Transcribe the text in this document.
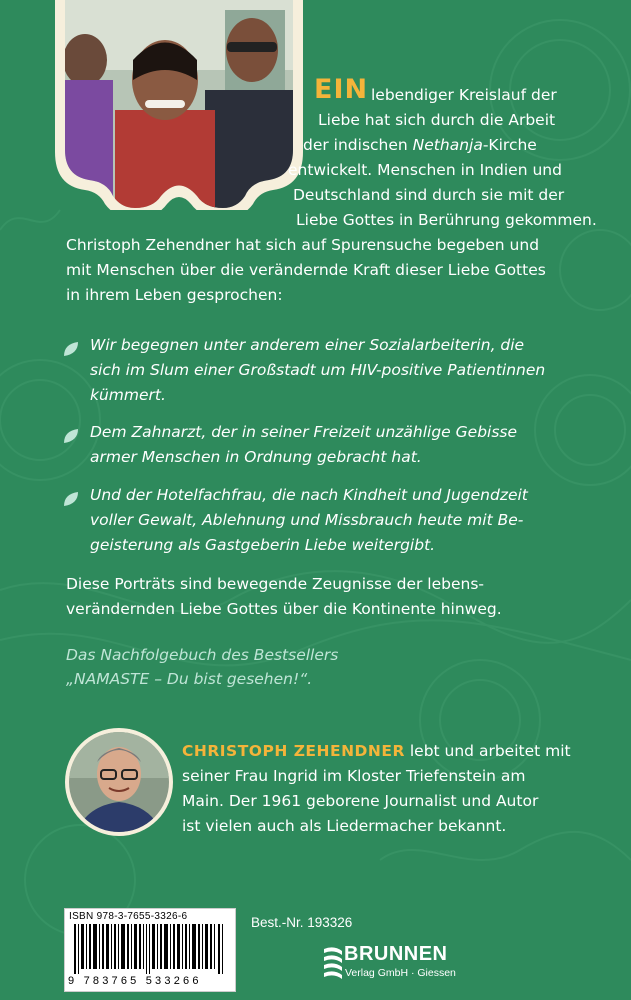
EIN lebendiger Kreislauf der
Liebe hat sich durch die Arbeit
der indischen Nethanja-Kirche
entwickelt. Menschen in Indien und
Deutschland sind durch sie mit der
Liebe Gottes in Berührung gekommen.
Christoph Zehendner hat sich auf Spurensuche begeben und
mit Menschen über die verändernde Kraft dieser Liebe Gottes
in ihrem Leben gesprochen:
Wir begegnen unter anderem einer Sozialarbeiterin, die
sich im Slum einer Großstadt um HIV-positive Patientinnen
kümmert.
Dem Zahnarzt, der in seiner Freizeit unzählige Gebisse
armer Menschen in Ordnung gebracht hat.
Und der Hotelfachfrau, die nach Kindheit und Jugendzeit
voller Gewalt, Ablehnung und Missbrauch heute mit Be-
geisterung als Gastgeberin Liebe weitergibt.
Diese Porträts sind bewegende Zeugnisse der lebens-
verändernden Liebe Gottes über die Kontinente hinweg.
Das Nachfolgebuch des Bestsellers
„NAMASTE – Du bist gesehen!“.
CHRISTOPH ZEHENDNER lebt und arbeitet mit
seiner Frau Ingrid im Kloster Triefenstein am
Main. Der 1961 geborene Journalist und Autor
ist vielen auch als Liedermacher bekannt.
ISBN 978-3-7655-3326-6
9 783765 533266
Best.-Nr. 193326
BRUNNEN
Verlag GmbH · Giessen
